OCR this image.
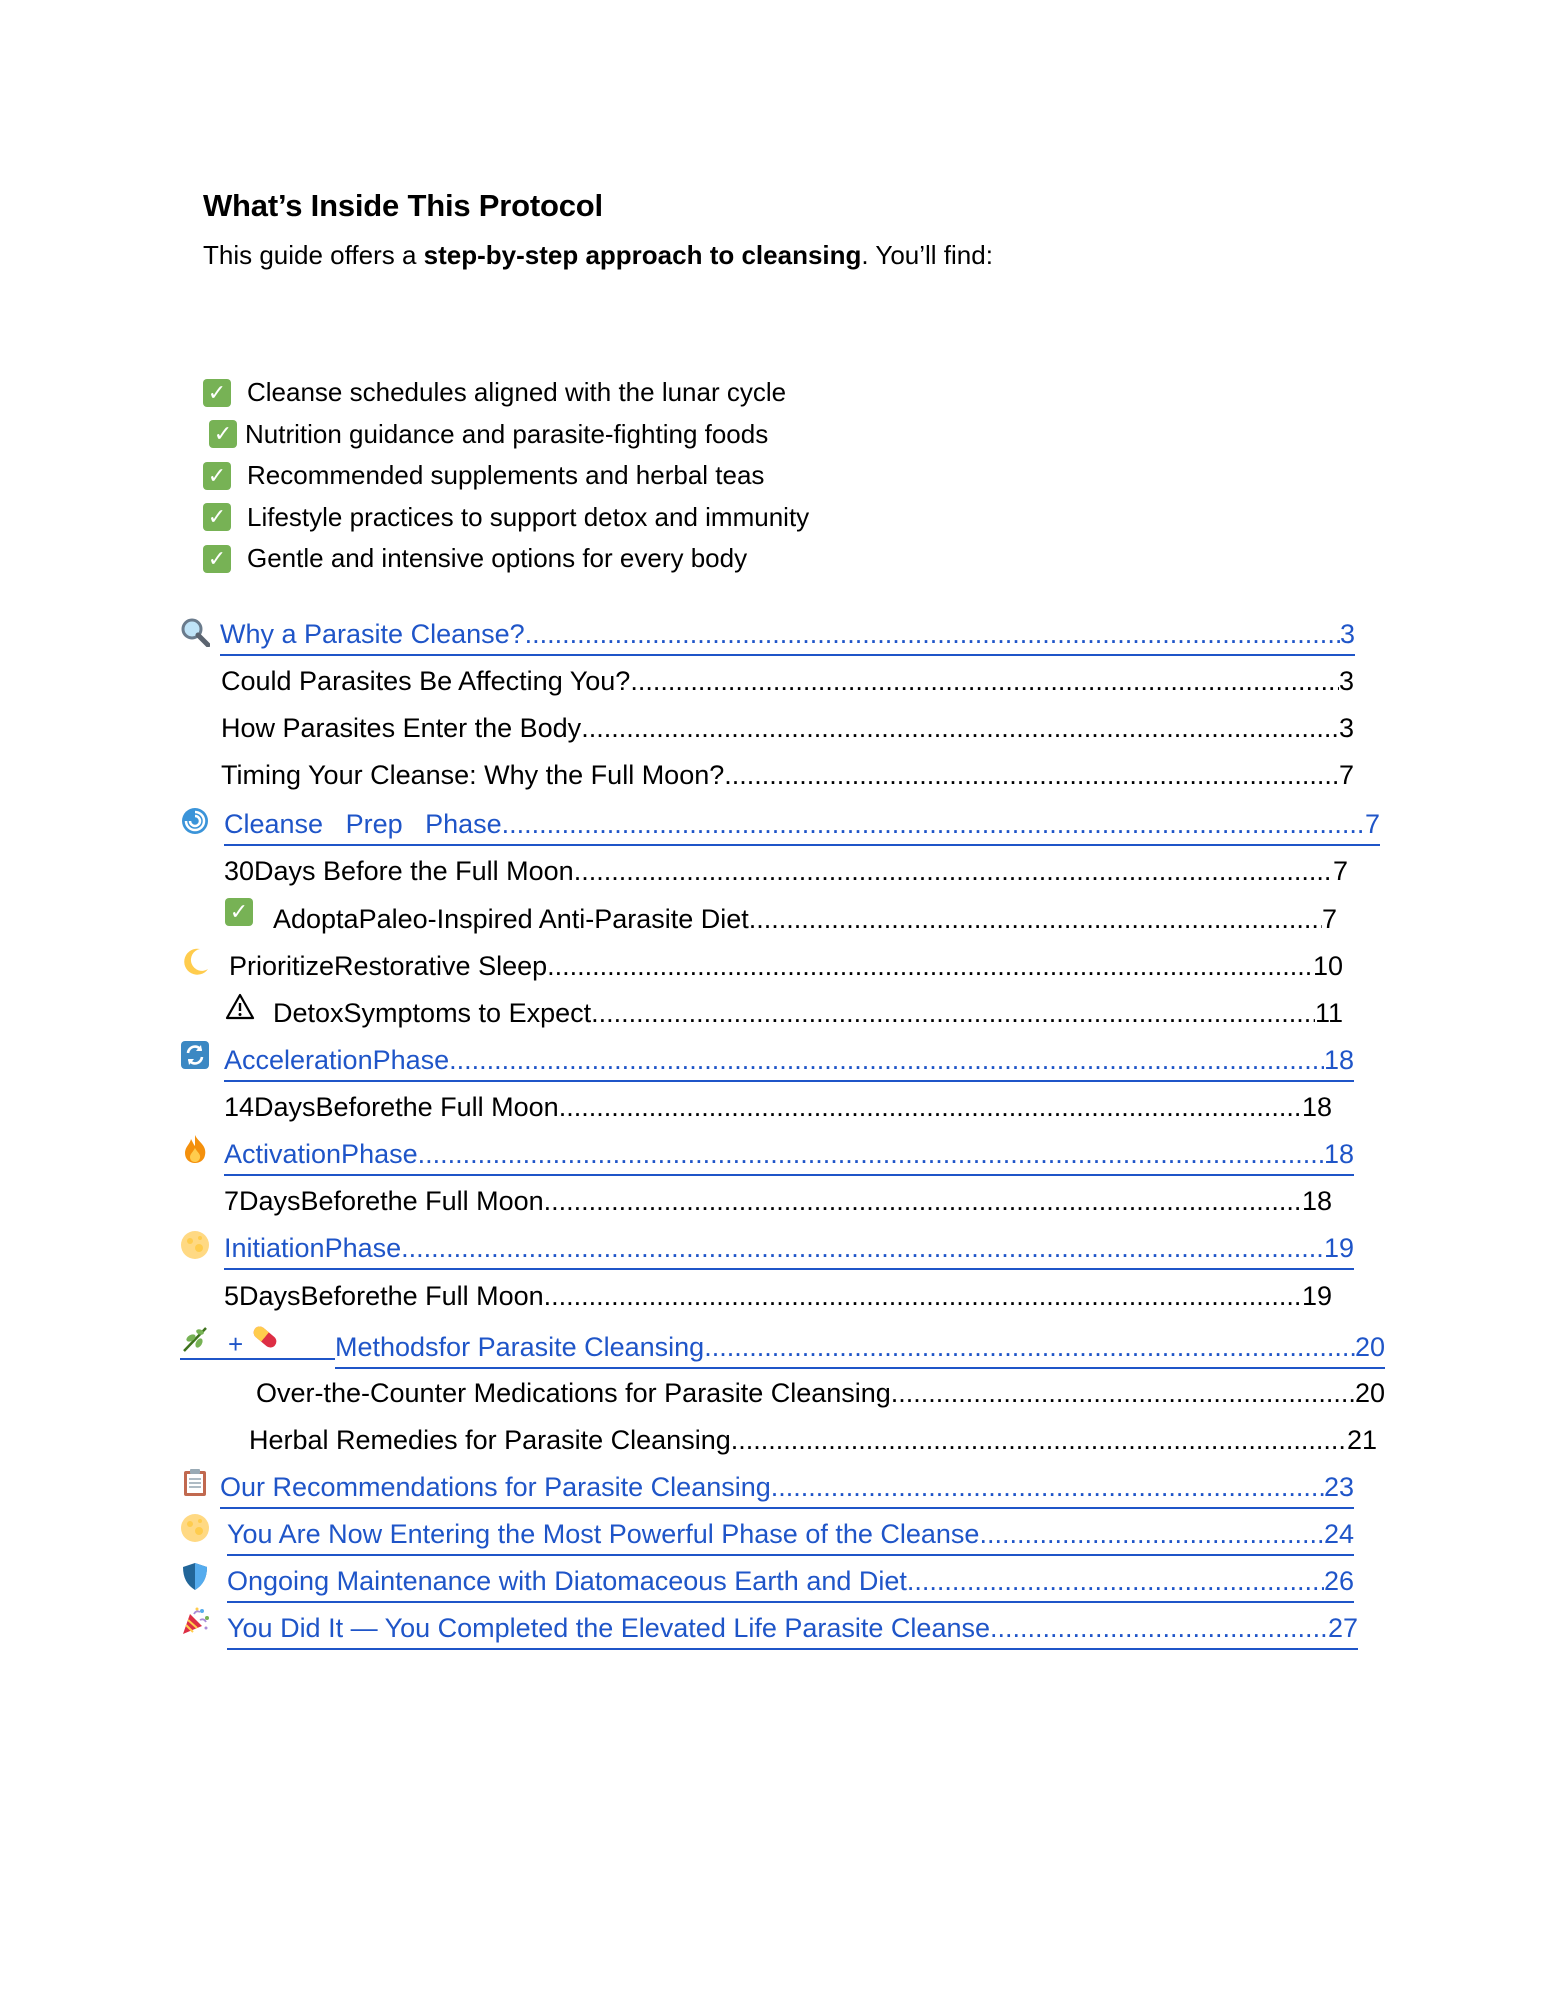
What’s Inside This Protocol

This guide offers a step-by-step approach to cleansing. You’ll find:

✓ Cleanse schedules aligned with the lunar cycle
✓ Nutrition guidance and parasite-fighting foods
✓ Recommended supplements and herbal teas
✓ Lifestyle practices to support detox and immunity
✓ Gentle and intensive options for every body
Why a Parasite Cleanse? .....	3
Could Parasites Be Affecting You? .....	3
How Parasites Enter the Body .....	3
Timing Your Cleanse: Why the Full Moon? .....	7
Cleanse   Prep   Phase .....	7
30Days Before the Full Moon .....	7
✓ AdoptaPaleo-Inspired Anti-Parasite Diet .....	7
PrioritizeRestorative Sleep .....	10
DetoxSymptoms to Expect .....	11
AccelerationPhase .....	18
14DaysBeforethe Full Moon .....	18
ActivationPhase .....	18
7DaysBeforethe Full Moon .....	18
InitiationPhase .....	19
5DaysBeforethe Full Moon .....	19
+	Methodsfor Parasite Cleansing .....	20
Over-the-Counter Medications for Parasite Cleansing .....	20
Herbal Remedies for Parasite Cleansing .....	21
Our Recommendations for Parasite Cleansing .....	23
You Are Now Entering the Most Powerful Phase of the Cleanse .....	24
Ongoing Maintenance with Diatomaceous Earth and Diet .....	26
You Did It — You Completed the Elevated Life Parasite Cleanse .....	27
